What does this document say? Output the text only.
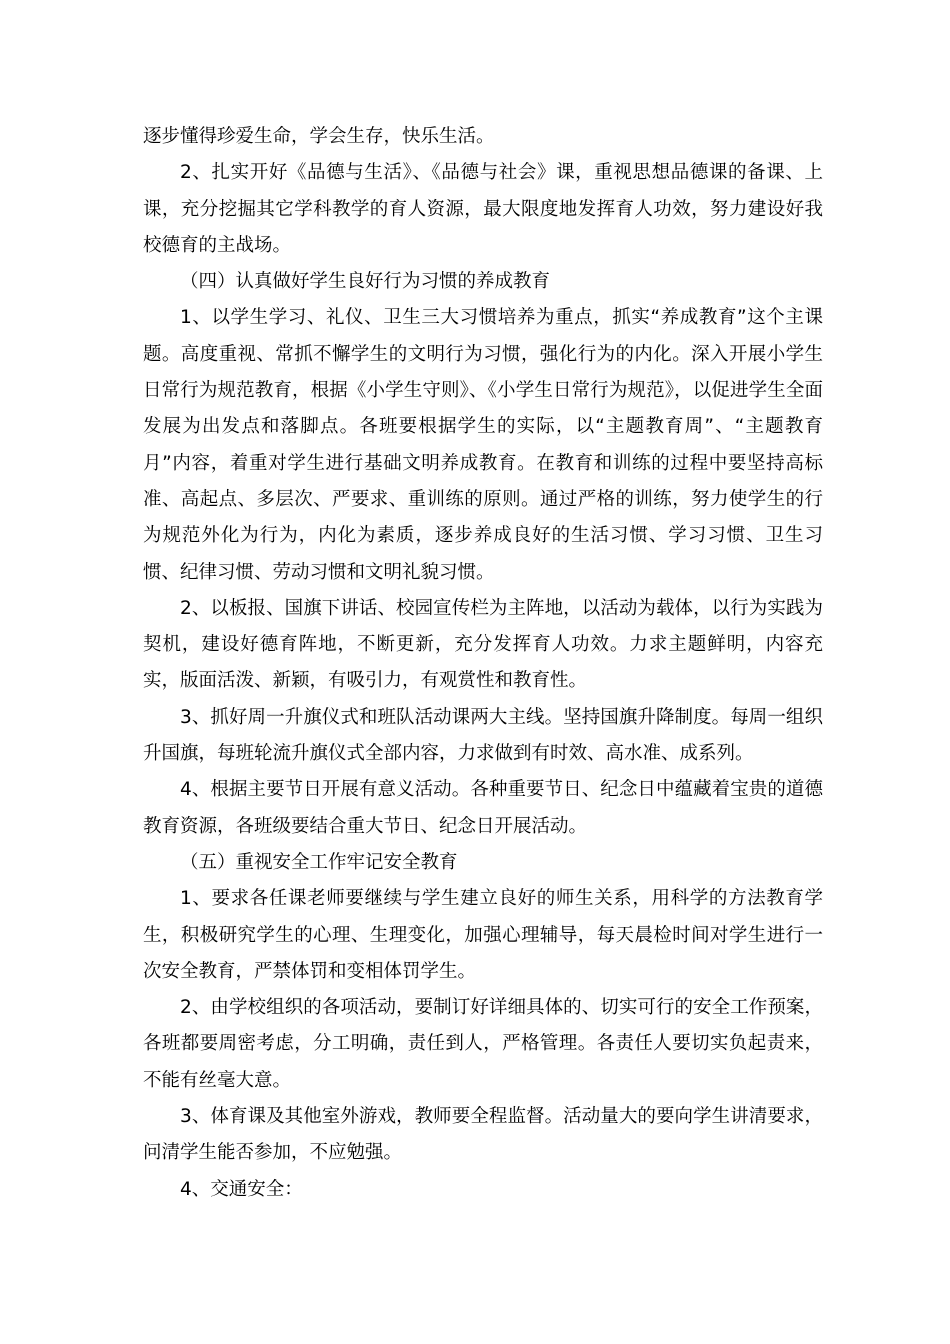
逐步懂得珍爱生命，学会生存，快乐生活。

2、扎实开好《品德与生活》、《品德与社会》课，重视思想品德课的备课、上课，充分挖掘其它学科教学的育人资源，最大限度地发挥育人功效，努力建设好我校德育的主战场。

（四）认真做好学生良好行为习惯的养成教育

1、以学生学习、礼仪、卫生三大习惯培养为重点，抓实“养成教育”这个主课题。高度重视、常抓不懈学生的文明行为习惯，强化行为的内化。深入开展小学生日常行为规范教育，根据《小学生守则》、《小学生日常行为规范》，以促进学生全面发展为出发点和落脚点。各班要根据学生的实际，以“主题教育周”、“主题教育月”内容，着重对学生进行基础文明养成教育。在教育和训练的过程中要坚持高标准、高起点、多层次、严要求、重训练的原则。通过严格的训练，努力使学生的行为规范外化为行为，内化为素质，逐步养成良好的生活习惯、学习习惯、卫生习惯、纪律习惯、劳动习惯和文明礼貌习惯。

2、以板报、国旗下讲话、校园宣传栏为主阵地，以活动为载体，以行为实践为契机，建设好德育阵地，不断更新，充分发挥育人功效。力求主题鲜明，内容充实，版面活泼、新颖，有吸引力，有观赏性和教育性。

3、抓好周一升旗仪式和班队活动课两大主线。坚持国旗升降制度。每周一组织升国旗，每班轮流升旗仪式全部内容，力求做到有时效、高水准、成系列。

4、根据主要节日开展有意义活动。各种重要节日、纪念日中蕴藏着宝贵的道德教育资源，各班级要结合重大节日、纪念日开展活动。

（五）重视安全工作牢记安全教育

1、要求各任课老师要继续与学生建立良好的师生关系，用科学的方法教育学生，积极研究学生的心理、生理变化，加强心理辅导，每天晨检时间对学生进行一次安全教育，严禁体罚和变相体罚学生。

2、由学校组织的各项活动，要制订好详细具体的、切实可行的安全工作预案，各班都要周密考虑，分工明确，责任到人，严格管理。各责任人要切实负起责来，不能有丝毫大意。

3、体育课及其他室外游戏，教师要全程监督。活动量大的要向学生讲清要求，问清学生能否参加，不应勉强。

4、交通安全：
